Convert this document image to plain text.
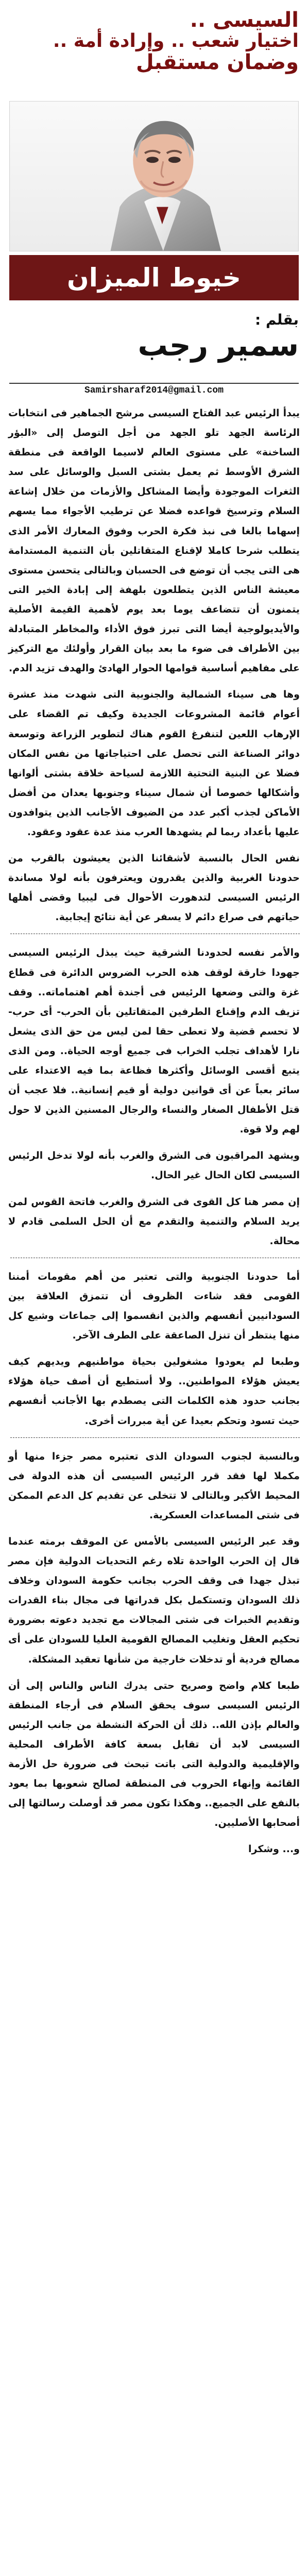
السيسى ..
اختيار شعب .. وإرادة أمة ..
وضمان مستقبل
خيوط الميزان
بقلم :
سمير رجب
Samirsharaf2014@gmail.com

يبدأ الرئيس عبد الفتاح السيسى مرشح الجماهير فى انتخابات الرئاسة الجهد تلو الجهد من أجل التوصل إلى «البؤر الساخنة» على مستوى العالم لاسيما الواقعة فى منطقة الشرق الأوسط ثم يعمل بشتى السبل والوسائل على سد الثغرات الموجودة وأيضا المشاكل والأزمات من خلال إشاعة السلام وترسيخ قواعده فضلا عن ترطيب الأجواء مما يسهم إسهاما بالغا فى نبذ فكرة الحرب وفوق المعارك الأمر الذى يتطلب شرحا كاملا لإقناع المتقاتلين بأن التنمية المستدامة هى التى يجب أن توضع فى الحسبان وبالتالى يتحسن مستوى معيشة الناس الذين يتطلعون بلهفة إلى إبادة الخير التى يتمنون أن تتضاعف يوما بعد يوم لأهمية القيمة الأصلية والأيديولوجية أيضا التى تبرز فوق الأداء والمخاطر المتبادلة بين الأطراف فى ضوء ما بعد بيان القرار وأولئك مع التركيز على مفاهيم أساسية قوامها الحوار الهادئ والهدف تزيد الدم.

وها هى سيناء الشمالية والجنوبية التى شهدت منذ عشرة أعوام قائمة المشروعات الجديدة وكيف تم القضاء على الإرهاب اللعين لتنفرغ القوم هناك لتطوير الزراعة وتوسعة دوائر الصناعة التى تحصل على احتياجاتها من نفس المكان فضلا عن البنية التحتية اللازمة لسياحة خلاقة بشتى ألوانها وأشكالها خصوصا أن شمال سيناء وجنوبها يعدان من أفضل الأماكن لجذب أكبر عدد من الضيوف الأجانب الذين يتوافدون عليها بأعداد ربما لم يشهدها العرب منذ عدة عقود وعقود.

نفس الحال بالنسبة لأشقائنا الذين يعيشون بالقرب من حدودنا الغربية والذين يقدرون ويعترفون بأنه لولا مساندة الرئيس السيسى لتدهورت الأحوال فى ليبيا وقضى أهلها حياتهم فى صراع دائم لا يسفر عن أية نتائج إيجابية.

والأمر نفسه لحدودنا الشرقية حيث يبذل الرئيس السيسى جهودا خارقة لوقف هذه الحرب الضروس الدائرة فى قطاع غزة والتى وضعها الرئيس فى أجندة أهم اهتماماته.. وقف تزيف الدم وإقناع الطرفين المتقاتلين بأن الحرب- أى حرب- لا تحسم قضية ولا تعطى حقا لمن ليس من حق الذى يشعل نارا لأهداف تجلب الخراب فى جميع أوجه الحياة.. ومن الذى يتبع أقسى الوسائل وأكثرها فظاعة بما فيه الاعتداء على سائر بعباً عن أى قوانين دولية أو قيم إنسانية.. فلا عجب أن قتل الأطفال الصغار والنساء والرجال المسنين الذين لا حول لهم ولا قوة.

ويشهد المراقبون فى الشرق والغرب بأنه لولا تدخل الرئيس السيسى لكان الحال غير الحال.

إن مصر هنا كل القوى فى الشرق والغرب فاتحة القوس لمن يريد السلام والتنمية والتقدم مع أن الحل السلمى قادم لا محالة.

أما حدودنا الجنوبية والتى تعتبر من أهم مقومات أمننا القومى فقد شاءت الظروف أن تتمزق العلاقة بين السودانيين أنفسهم والذين انقسموا إلى جماعات وشيع كل منها ينتظر أن تنزل الصاعقة على الطرف الآخر.

وطبعا لم يعودوا مشغولين بحياة مواطنيهم ويديهم كيف يعيش هؤلاء المواطنين.. ولا أستطيع أن أصف حياة هؤلاء بجانب حدود هذه الكلمات التى يصطدم بها الأجانب أنفسهم حيث تسود وتحكم بعيدا عن أية مبررات أخرى.

وبالنسبة لجنوب السودان الذى تعتبره مصر جزءا منها أو مكملا لها فقد قرر الرئيس السيسى أن هذه الدولة فى المحيط الأكبر وبالتالى لا تتخلى عن تقديم كل الدعم الممكن فى شتى المساعدات العسكرية.

وقد عبر الرئيس السيسى بالأمس عن الموقف برمته عندما قال إن الحرب الواحدة تلاه رغم التحديات الدولية فإن مصر تبذل جهدا فى وقف الحرب بجانب حكومة السودان وخلاف ذلك السودان وتستكمل بكل قدراتها فى مجال بناء القدرات وتقديم الخبرات فى شتى المجالات مع تجديد دعوته بضرورة تحكيم العقل وتغليب المصالح القومية العليا للسودان على أى مصالح فردية أو تدخلات خارجية من شأنها تعقيد المشكلة.

طبعا كلام واضح وصريح حتى يدرك الناس والناس إلى أن الرئيس السيسى سوف يحقق السلام فى أرجاء المنطقة والعالم بإذن الله.. ذلك أن الحركة النشطة من جانب الرئيس السيسى لابد أن تقابل بسعة كافة الأطراف المحلية والإقليمية والدولية التى باتت تبحث فى ضرورة حل الأزمة القائمة وإنهاء الحروب فى المنطقة لصالح شعوبها بما يعود بالنفع على الجميع.. وهكذا تكون مصر قد أوصلت رسالتها إلى أصحابها الأصليين.

و... وشكرا
